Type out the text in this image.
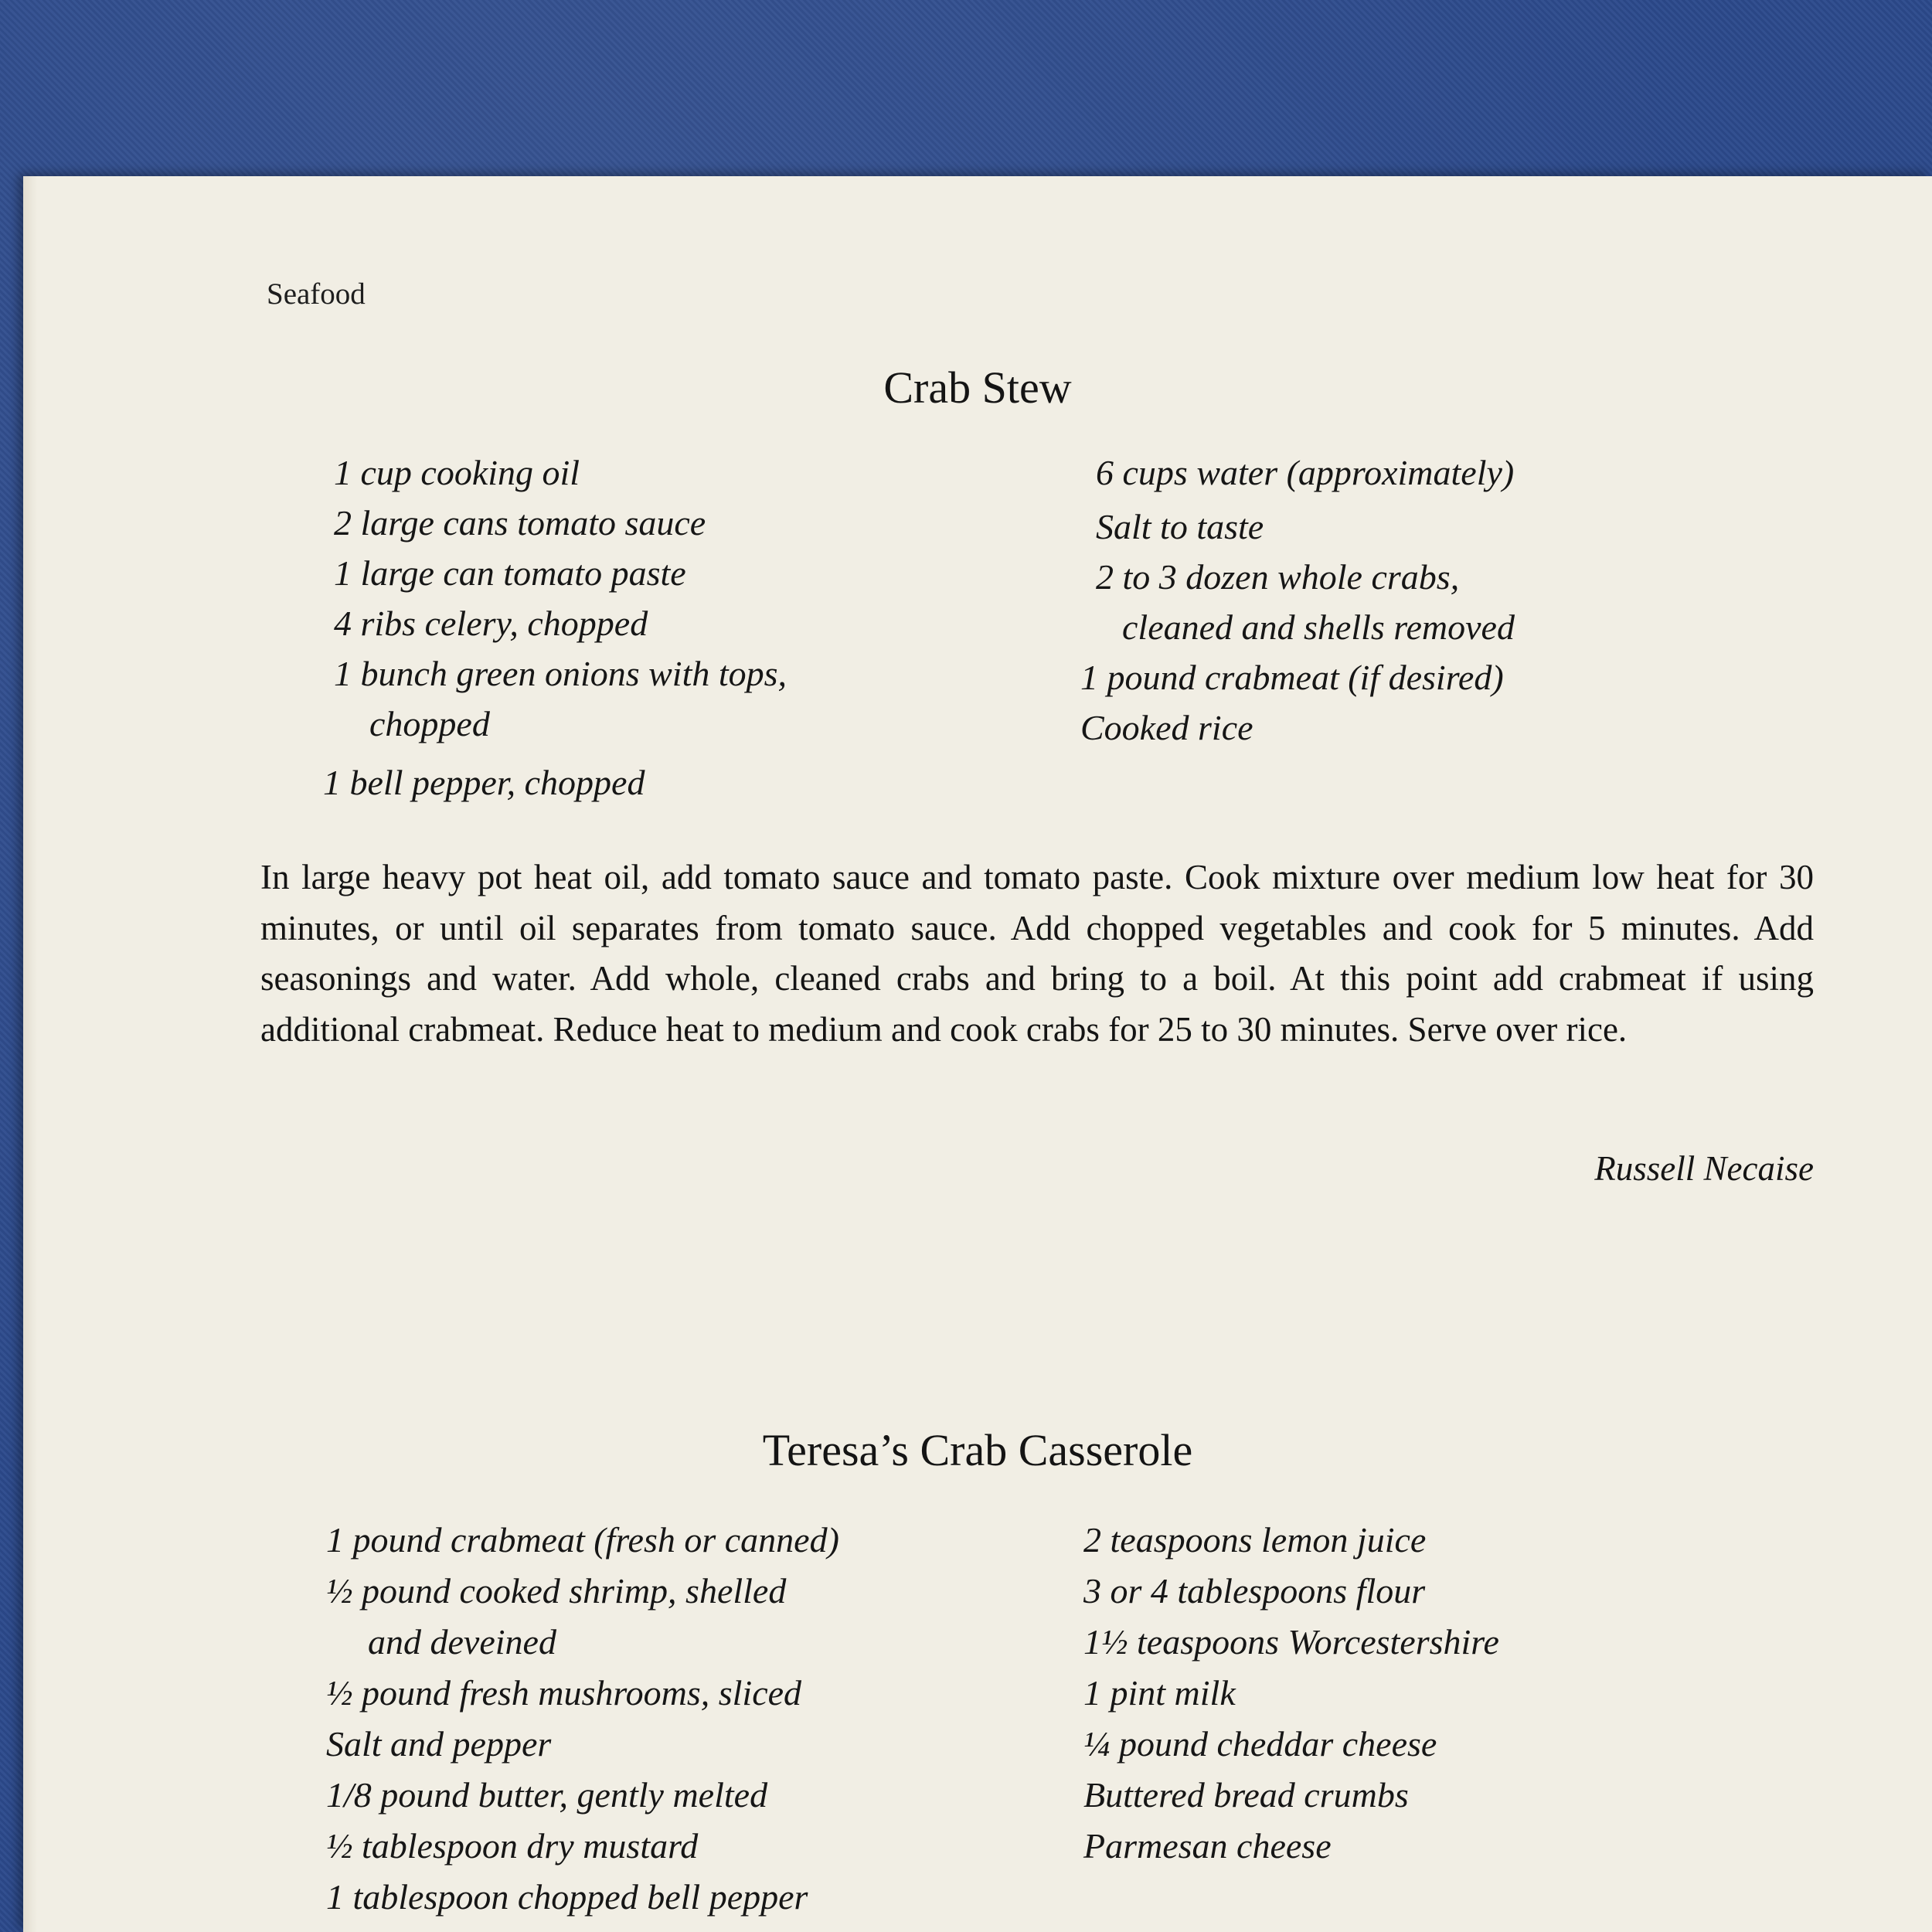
Seafood
Crab Stew
1 cup cooking oil
2 large cans tomato sauce
1 large can tomato paste
4 ribs celery, chopped
1 bunch green onions with tops,
chopped
1 bell pepper, chopped
6 cups water (approximately)
Salt to taste
2 to 3 dozen whole crabs,
cleaned and shells removed
1 pound crabmeat (if desired)
Cooked rice
In large heavy pot heat oil, add tomato sauce and tomato paste. Cook mixture over medium low heat for 30 minutes, or until oil separates from tomato sauce. Add chopped vegetables and cook for 5 minutes. Add seasonings and water. Add whole, cleaned crabs and bring to a boil. At this point add crabmeat if using additional crabmeat. Reduce heat to medium and cook crabs for 25 to 30 minutes. Serve over rice.
Russell Necaise
Teresa’s Crab Casserole
1 pound crabmeat (fresh or canned)
½ pound cooked shrimp, shelled
and deveined
½ pound fresh mushrooms, sliced
Salt and pepper
1/8 pound butter, gently melted
½ tablespoon dry mustard
1 tablespoon chopped bell pepper
2 teaspoons lemon juice
3 or 4 tablespoons flour
1½ teaspoons Worcestershire
1 pint milk
¼ pound cheddar cheese
Buttered bread crumbs
Parmesan cheese
